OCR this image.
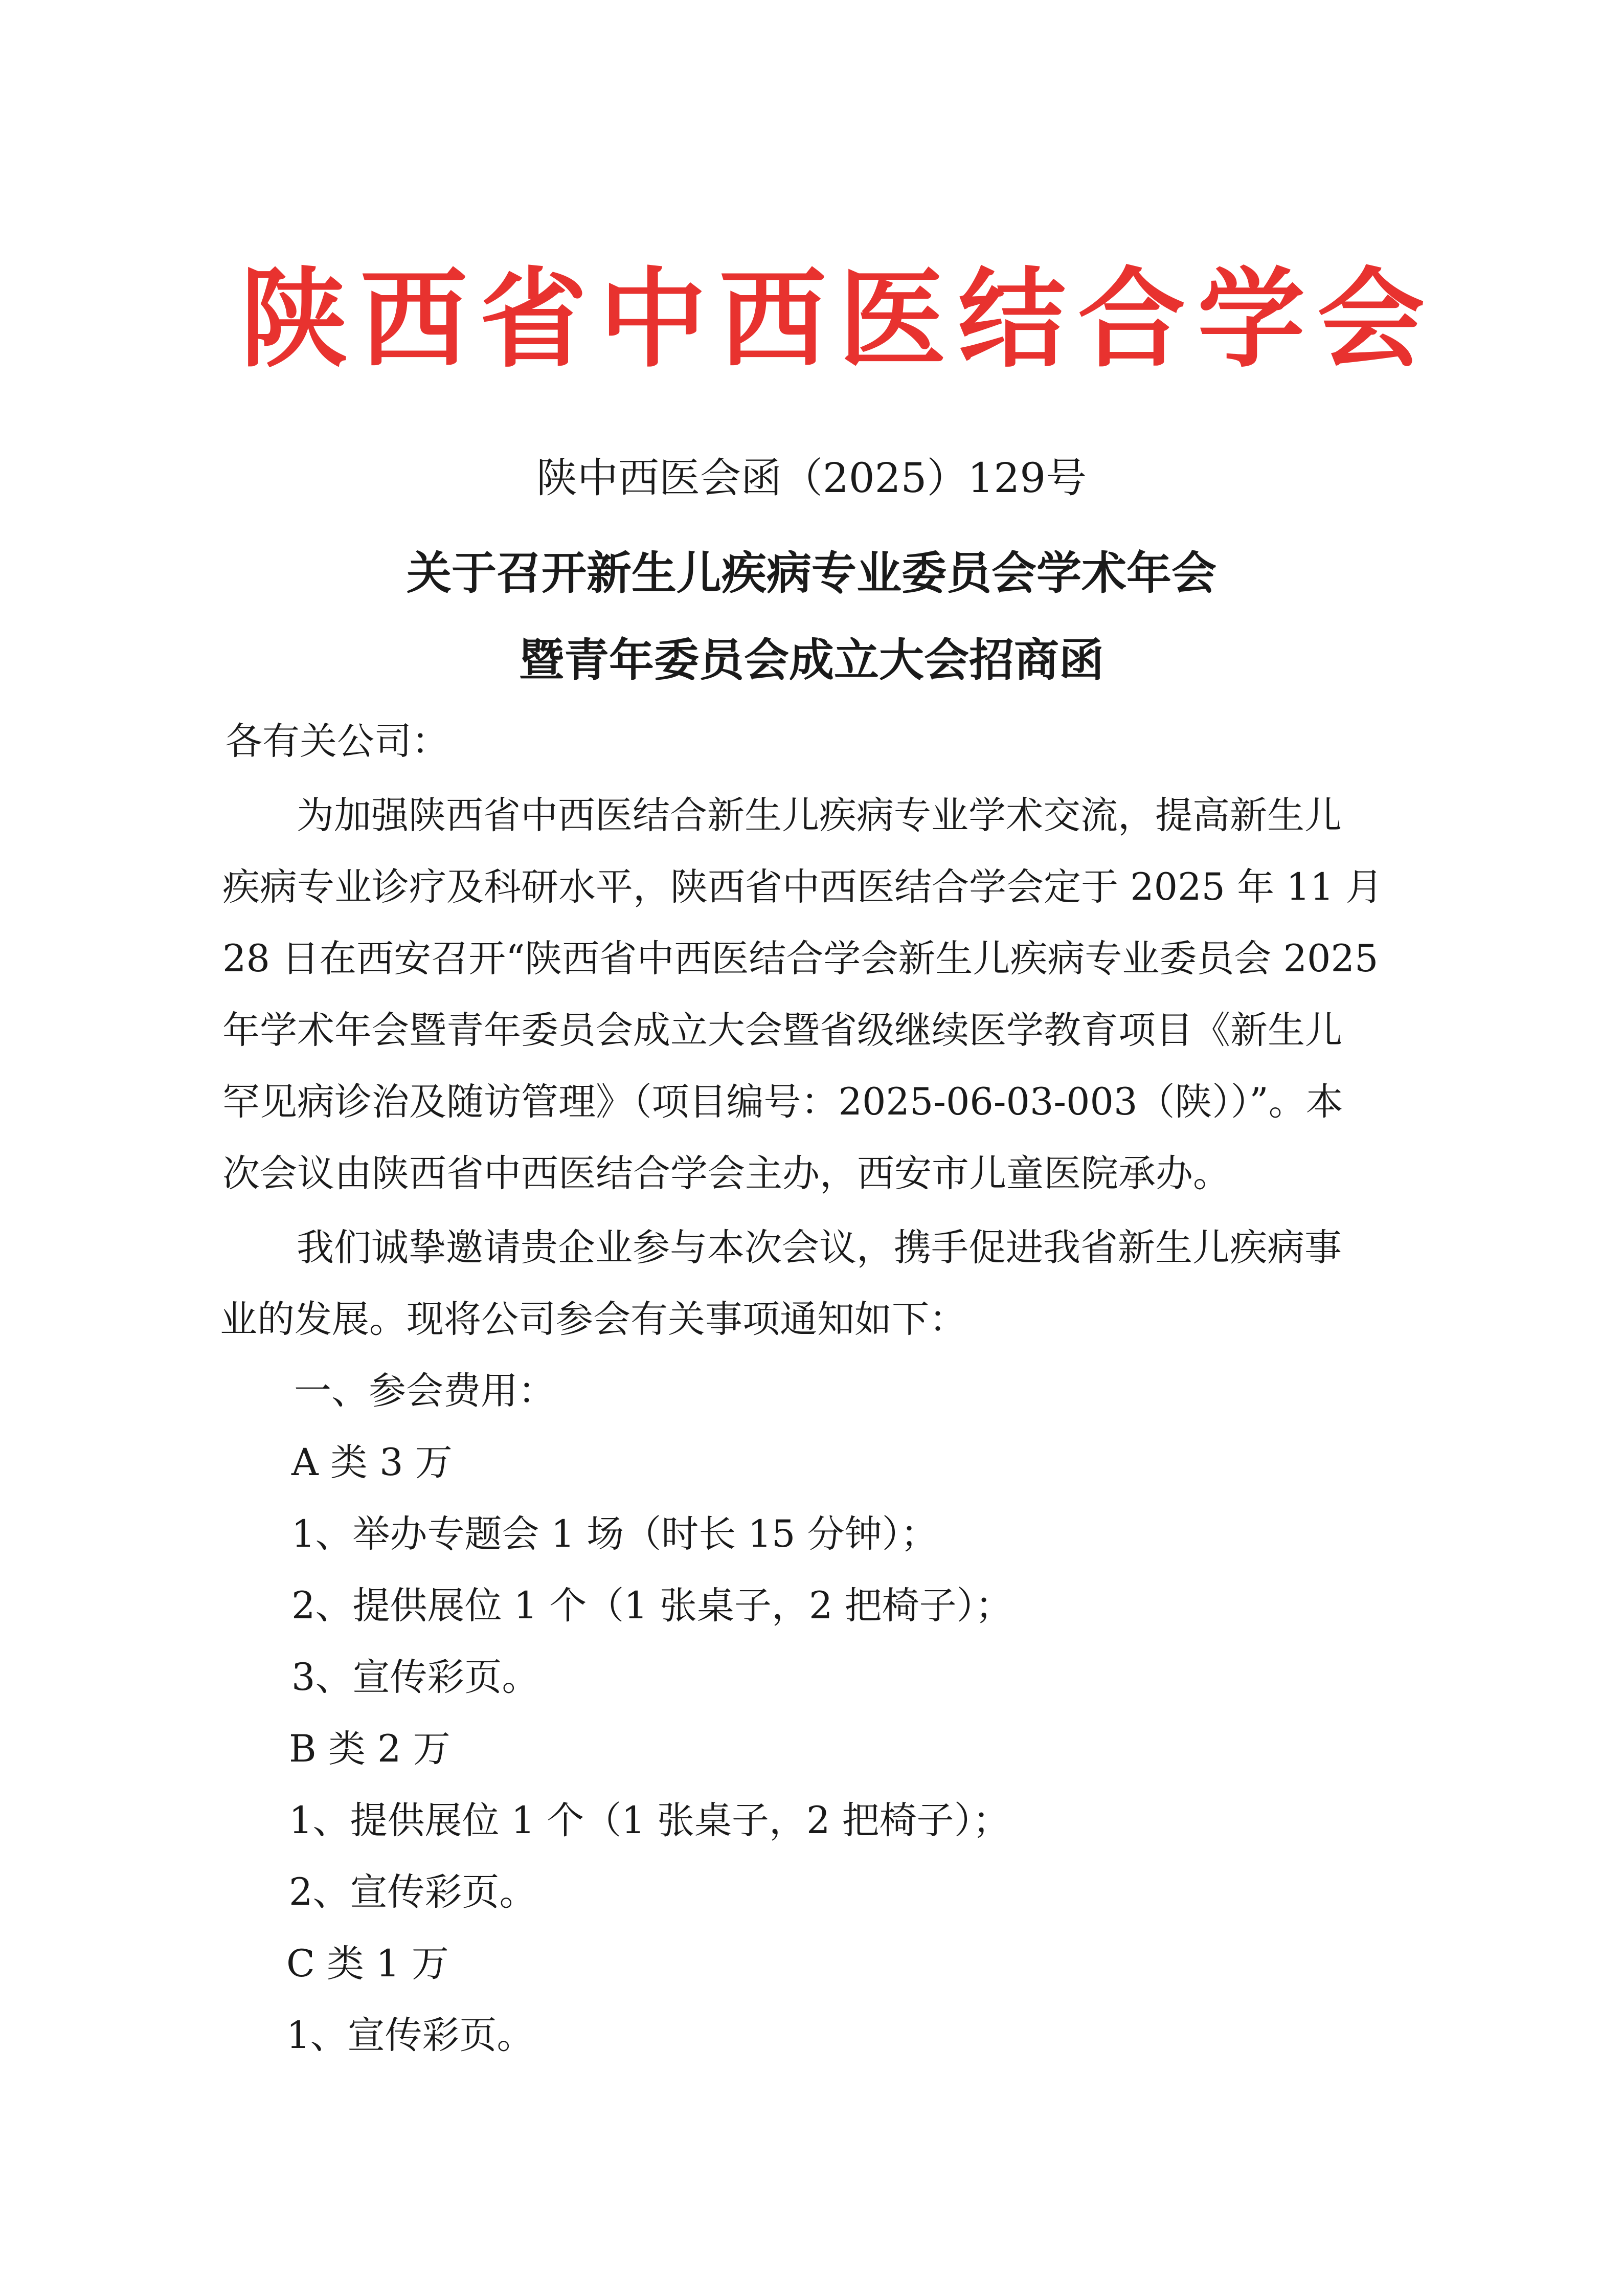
陕西省中西医结合学会

陕中西医会函（2025）129号

关于召开新生儿疾病专业委员会学术年会
暨青年委员会成立大会招商函

各有关公司：

为加强陕西省中西医结合新生儿疾病专业学术交流，提高新生儿

疾病专业诊疗及科研水平，陕西省中西医结合学会定于 2025 年 11 月

28 日在西安召开“陕西省中西医结合学会新生儿疾病专业委员会 2025

年学术年会暨青年委员会成立大会暨省级继续医学教育项目《新生儿

罕见病诊治及随访管理》（项目编号：2025-06-03-003（陕））”。本

次会议由陕西省中西医结合学会主办，西安市儿童医院承办。

我们诚挚邀请贵企业参与本次会议，携手促进我省新生儿疾病事

业的发展。现将公司参会有关事项通知如下：

一、参会费用：

A 类 3 万

1、举办专题会 1 场（时长 15 分钟）；

2、提供展位 1 个（1 张桌子，2 把椅子）；

3、宣传彩页。

B 类 2 万

1、提供展位 1 个（1 张桌子，2 把椅子）；

2、宣传彩页。

C 类 1 万

1、宣传彩页。
